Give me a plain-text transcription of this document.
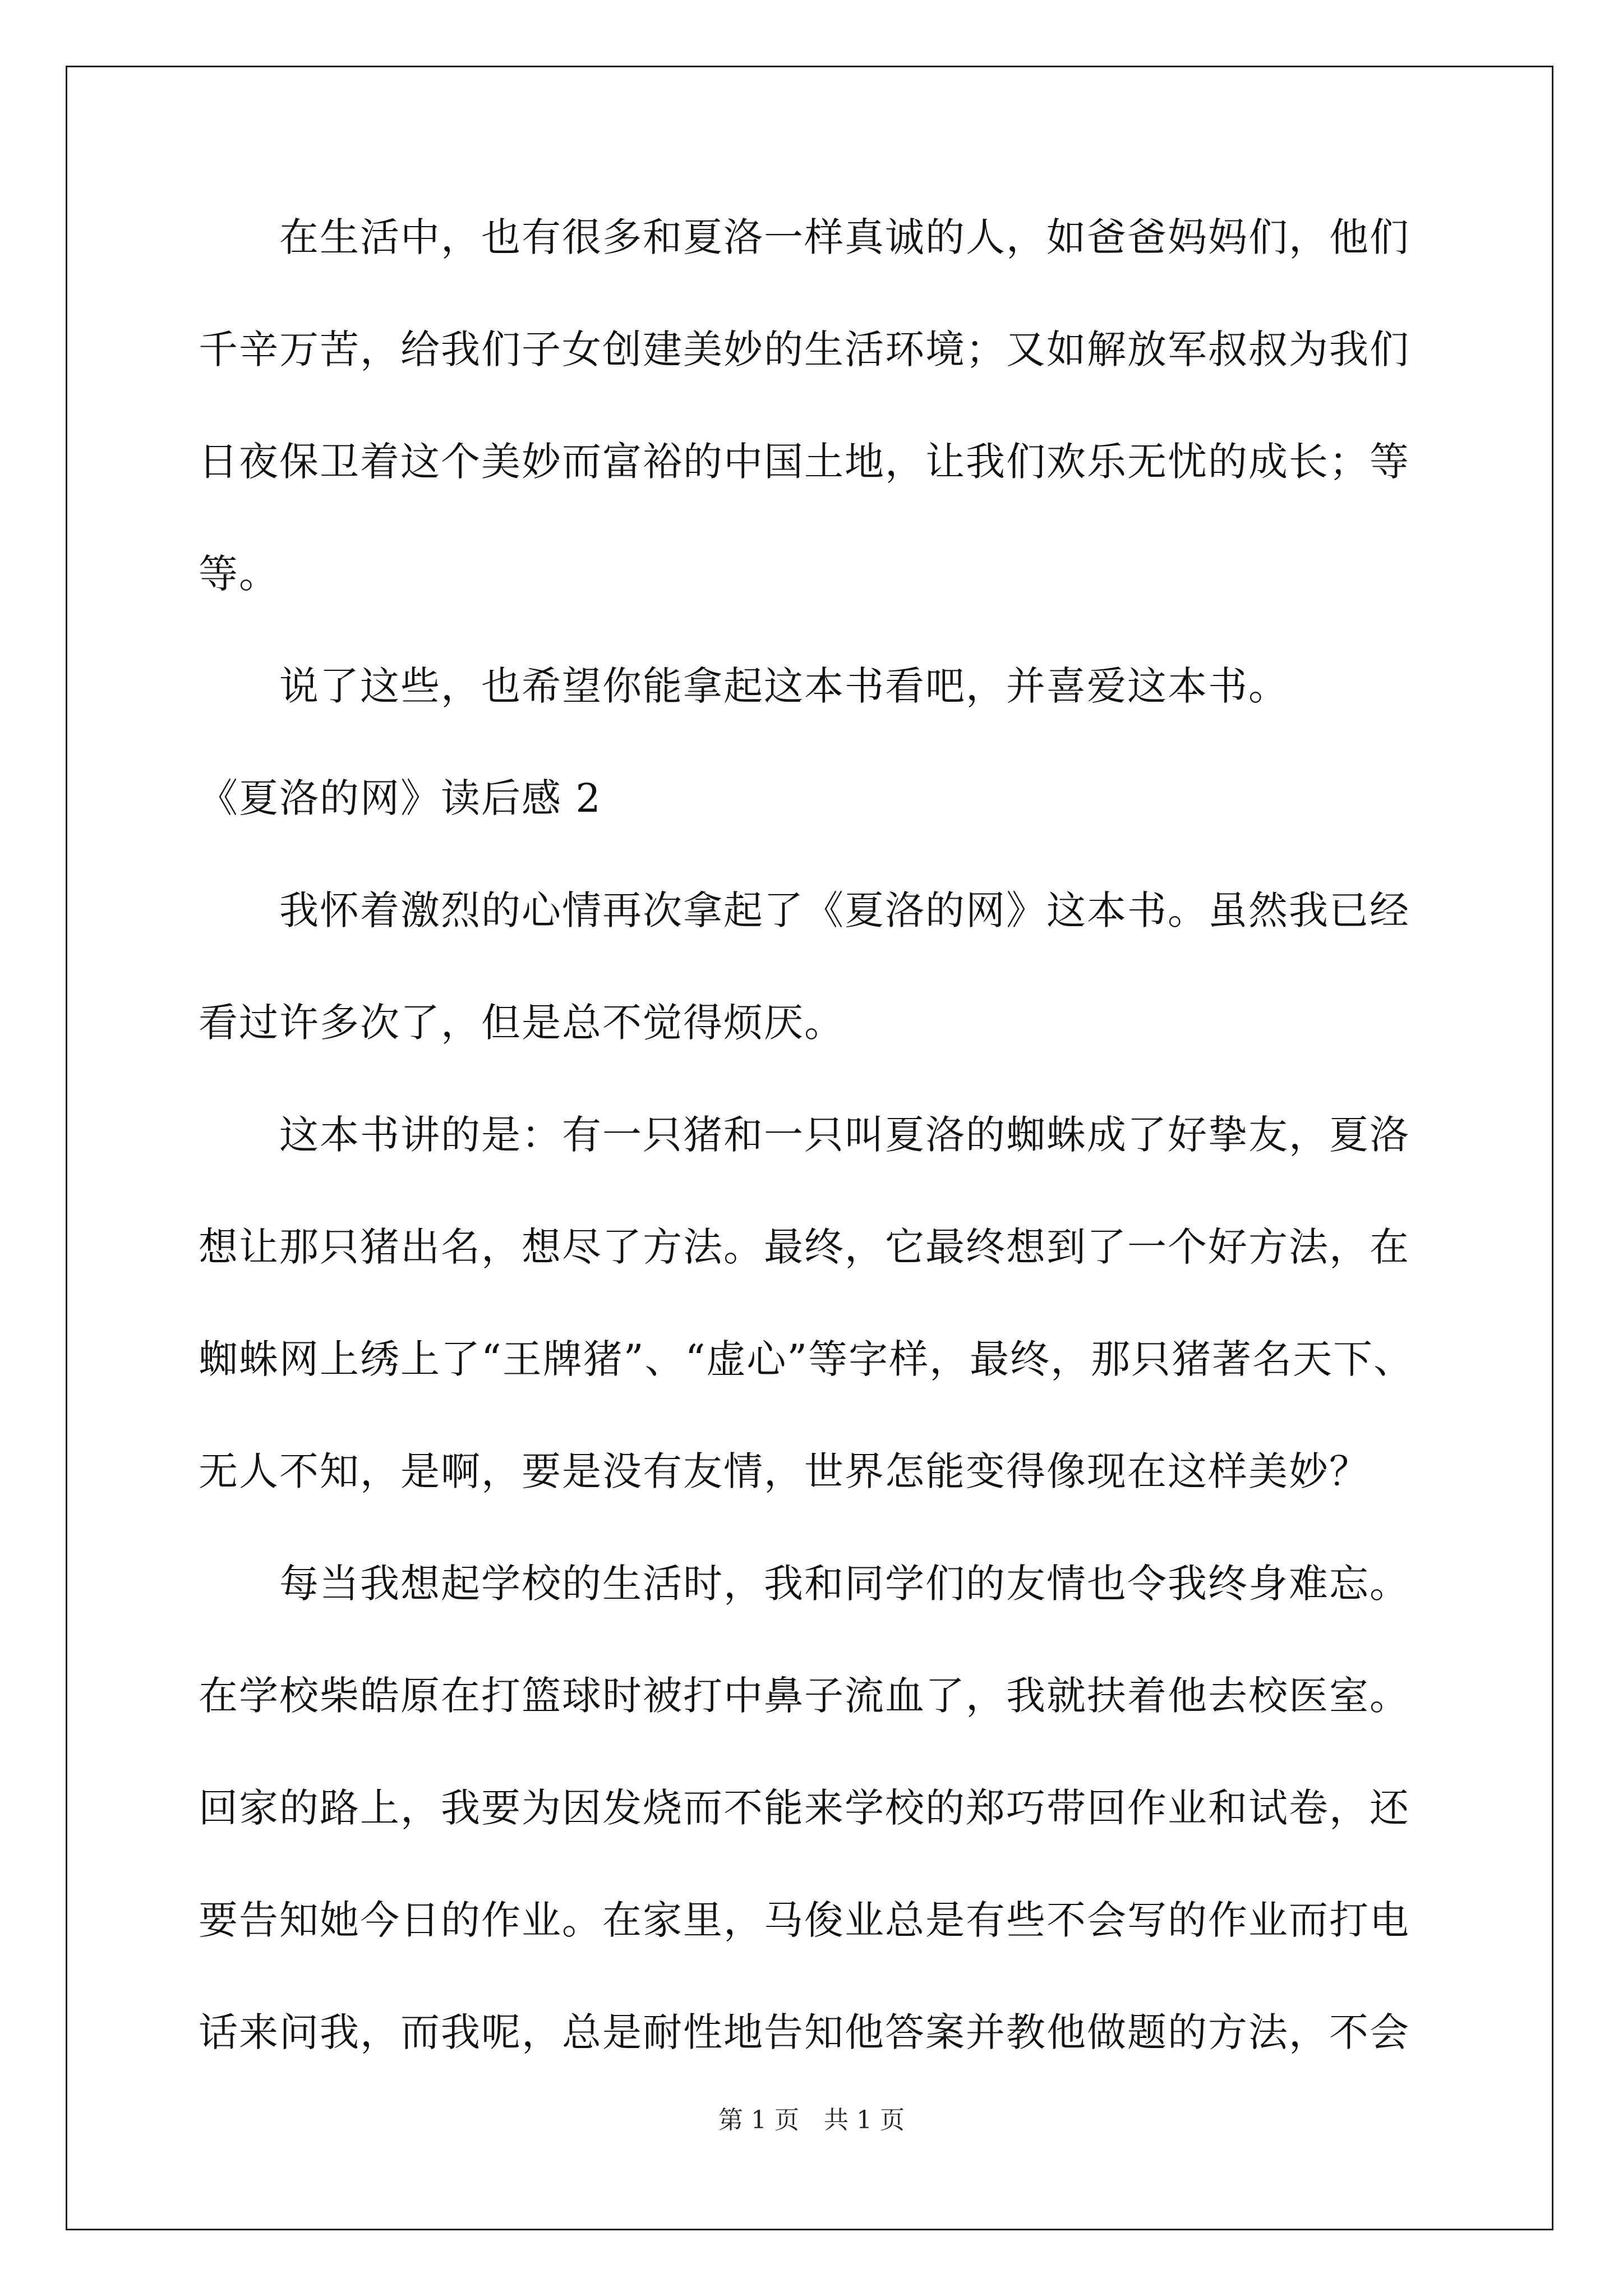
　　在生活中，也有很多和夏洛一样真诚的人，如爸爸妈妈们，他们
千辛万苦，给我们子女创建美妙的生活环境；又如解放军叔叔为我们
日夜保卫着这个美妙而富裕的中国土地，让我们欢乐无忧的成长；等
等。
　　说了这些，也希望你能拿起这本书看吧，并喜爱这本书。
《夏洛的网》读后感 2
　　我怀着激烈的心情再次拿起了《夏洛的网》这本书。虽然我已经
看过许多次了，但是总不觉得烦厌。
　　这本书讲的是：有一只猪和一只叫夏洛的蜘蛛成了好挚友，夏洛
想让那只猪出名，想尽了方法。最终，它最终想到了一个好方法，在
蜘蛛网上绣上了“王牌猪”、“虚心”等字样，最终，那只猪著名天下、
无人不知，是啊，要是没有友情，世界怎能变得像现在这样美妙？
　　每当我想起学校的生活时，我和同学们的友情也令我终身难忘。
在学校柴皓原在打篮球时被打中鼻子流血了，我就扶着他去校医室。
回家的路上，我要为因发烧而不能来学校的郑巧带回作业和试卷，还
要告知她今日的作业。在家里，马俊业总是有些不会写的作业而打电
话来问我，而我呢，总是耐性地告知他答案并教他做题的方法，不会
第 1 页　共 1 页
